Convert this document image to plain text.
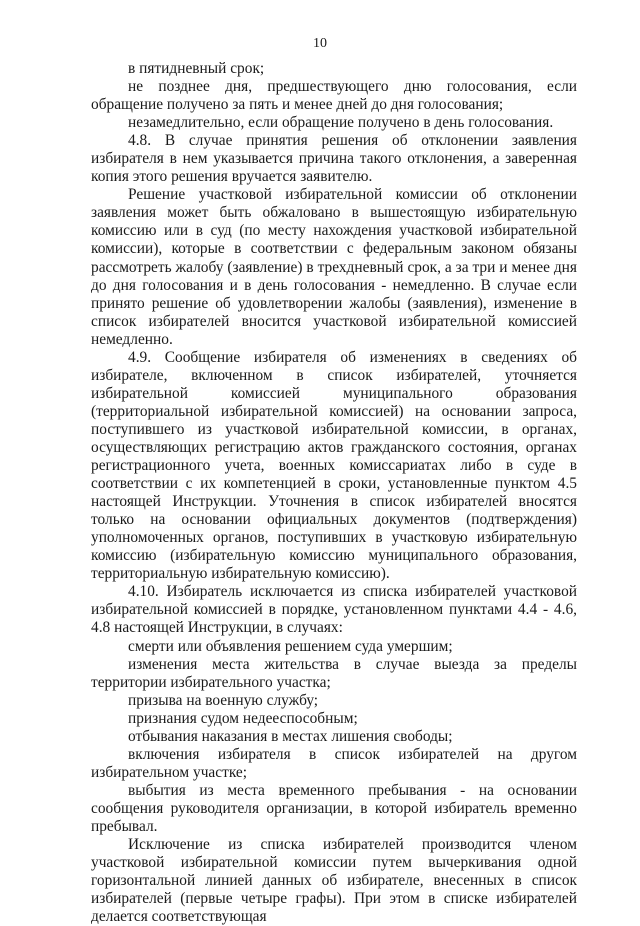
10

в пятидневный срок;

не позднее дня, предшествующего дню голосования, если обращение получено за пять и менее дней до дня голосования;

незамедлительно, если обращение получено в день голосования.

4.8. В случае принятия решения об отклонении заявления избирателя в нем указывается причина такого отклонения, а заверенная копия этого решения вручается заявителю.

Решение участковой избирательной комиссии об отклонении заявления может быть обжаловано в вышестоящую избирательную комиссию или в суд (по месту нахождения участковой избирательной комиссии), которые в соответствии с федеральным законом обязаны рассмотреть жалобу (заявление) в трехдневный срок, а за три и менее дня до дня голосования и в день голосования - немедленно. В случае если принято решение об удовлетворении жалобы (заявления), изменение в список избирателей вносится участковой избирательной комиссией немедленно.

4.9. Сообщение избирателя об изменениях в сведениях об избирателе, включенном в список избирателей, уточняется избирательной комиссией муниципального образования (территориальной избирательной комиссией) на основании запроса, поступившего из участковой избирательной комиссии, в органах, осуществляющих регистрацию актов гражданского состояния, органах регистрационного учета, военных комиссариатах либо в суде в соответствии с их компетенцией в сроки, установленные пунктом 4.5 настоящей Инструкции. Уточнения в список избирателей вносятся только на основании официальных документов (подтверждения) уполномоченных органов, поступивших в участковую избирательную комиссию (избирательную комиссию муниципального образования, территориальную избирательную комиссию).

4.10. Избиратель исключается из списка избирателей участковой избирательной комиссией в порядке, установленном пунктами 4.4 - 4.6, 4.8 настоящей Инструкции, в случаях:

смерти или объявления решением суда умершим;

изменения места жительства в случае выезда за пределы территории избирательного участка;

призыва на военную службу;

признания судом недееспособным;

отбывания наказания в местах лишения свободы;

включения избирателя в список избирателей на другом избирательном участке;

выбытия из места временного пребывания - на основании сообщения руководителя организации, в которой избиратель временно пребывал.

Исключение из списка избирателей производится членом участковой избирательной комиссии путем вычеркивания одной горизонтальной линией данных об избирателе, внесенных в список избирателей (первые четыре графы). При этом в списке избирателей делается соответствующая
